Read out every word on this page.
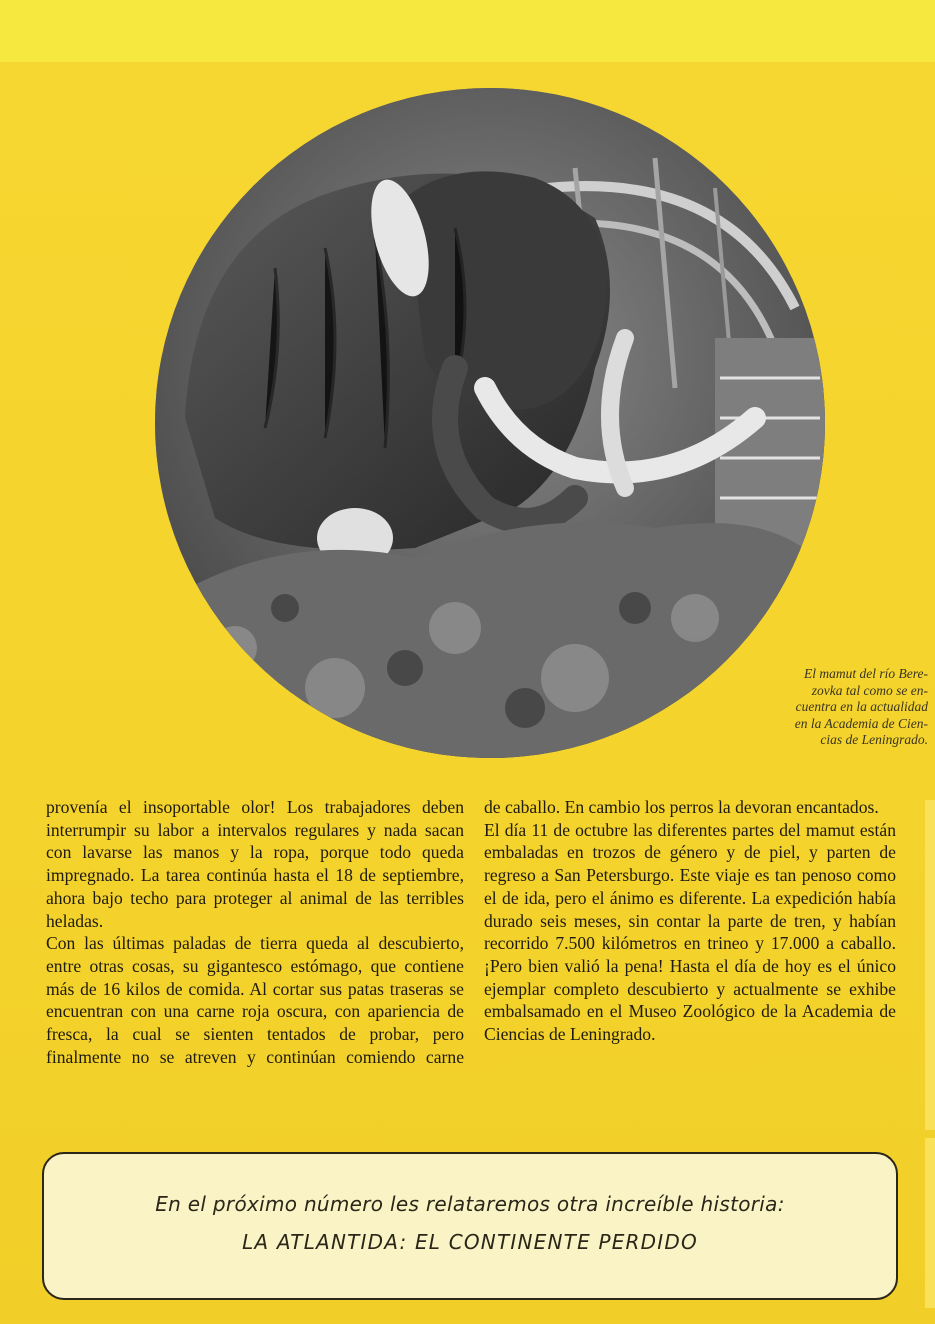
El mamut del río Bere-
zovka tal como se en-
cuentra en la actualidad
en la Academia de Cien-
cias de Leningrado.

provenía el insoportable olor! Los trabajadores deben interrumpir su labor a intervalos regulares y nada sacan con lavarse las manos y la ropa, porque todo queda impregnado. La tarea continúa hasta el 18 de septiembre, ahora bajo techo para proteger al animal de las terribles heladas.

Con las últimas paladas de tierra queda al descubierto, entre otras cosas, su gigantesco estómago, que contiene más de 16 kilos de comida. Al cortar sus patas traseras se encuentran con una carne roja oscura, con apariencia de fresca, la cual se sienten tentados de probar, pero finalmente no se atreven y continúan comiendo carne

de caballo. En cambio los perros la devoran encantados.

El día 11 de octubre las diferentes partes del mamut están embaladas en trozos de género y de piel, y parten de regreso a San Petersburgo. Este viaje es tan penoso como el de ida, pero el ánimo es diferente. La expedición había durado seis meses, sin contar la parte de tren, y habían recorrido 7.500 kilómetros en trineo y 17.000 a caballo. ¡Pero bien valió la pena! Hasta el día de hoy es el único ejemplar completo descubierto y actualmente se exhibe embalsamado en el Museo Zoológico de la Academia de Ciencias de Leningrado.

En el próximo número les relataremos otra increíble historia:
LA ATLANTIDA: EL CONTINENTE PERDIDO
